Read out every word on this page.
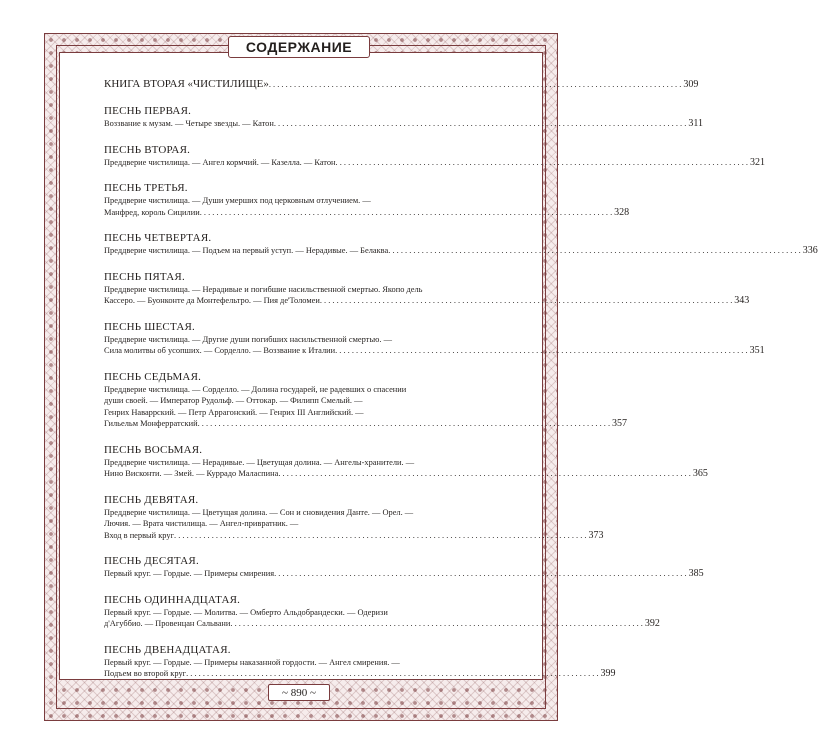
СОДЕРЖАНИЕ
КНИГА ВТОРАЯ «ЧИСТИЛИЩЕ» . . .	309
ПЕСНЬ ПЕРВАЯ.
Воззвание к музам. — Четыре звезды. — Катон . . .	311
ПЕСНЬ ВТОРАЯ.
Преддверие чистилища. — Ангел кормчий. — Казелла. — Катон . . .	321
ПЕСНЬ ТРЕТЬЯ.
Преддверие чистилища. — Души умерших под церковным отлучением. —
Манфред, король Сицилии . . .	328
ПЕСНЬ ЧЕТВЕРТАЯ.
Преддверие чистилища. — Подъем на первый уступ. — Нерадивые. — Белаква . . .	336
ПЕСНЬ ПЯТАЯ.
Преддверие чистилища. — Нерадивые и погибшие насильственной смертью. Якопо дель
Кассеро. — Буонконте да Монтефельтро. — Пия де'Толомеи . . .	343
ПЕСНЬ ШЕСТАЯ.
Преддверие чистилища. — Другие души погибших насильственной смертью. —
Сила молитвы об усопших. — Сорделло. — Воззвание к Италии . . .	351
ПЕСНЬ СЕДЬМАЯ.
Преддверие чистилища. — Сорделло. — Долина государей, не радевших о спасении
души своей. — Император Рудольф. — Оттокар. — Филипп Смелый. —
Генрих Наваррский. — Петр Аррагонский. — Генрих III Английский. —
Гильельм Монферратский . . .	357
ПЕСНЬ ВОСЬМАЯ.
Преддверие чистилища. — Нерадивые. — Цветущая долина. — Ангелы-хранители. —
Нино Висконти. — Змей. — Куррадо Маласпина . . .	365
ПЕСНЬ ДЕВЯТАЯ.
Преддверие чистилища. — Цветущая долина. — Сон и сновидения Данте. — Орел. —
Лючия. — Врата чистилища. — Ангел-привратник. —
Вход в первый круг . . .	373
ПЕСНЬ ДЕСЯТАЯ.
Первый круг. — Гордые. — Примеры смирения . . .	385
ПЕСНЬ ОДИННАДЦАТАЯ.
Первый круг. — Гордые. — Молитва. — Омберто Альдобрандески. — Одеризи
д'Агуббио. — Провенцан Сальвани . . .	392
ПЕСНЬ ДВЕНАДЦАТАЯ.
Первый круг. — Гордые. — Примеры наказанной гордости. — Ангел смирения. —
Подъем во второй круг . . .	399
~ 890 ~
